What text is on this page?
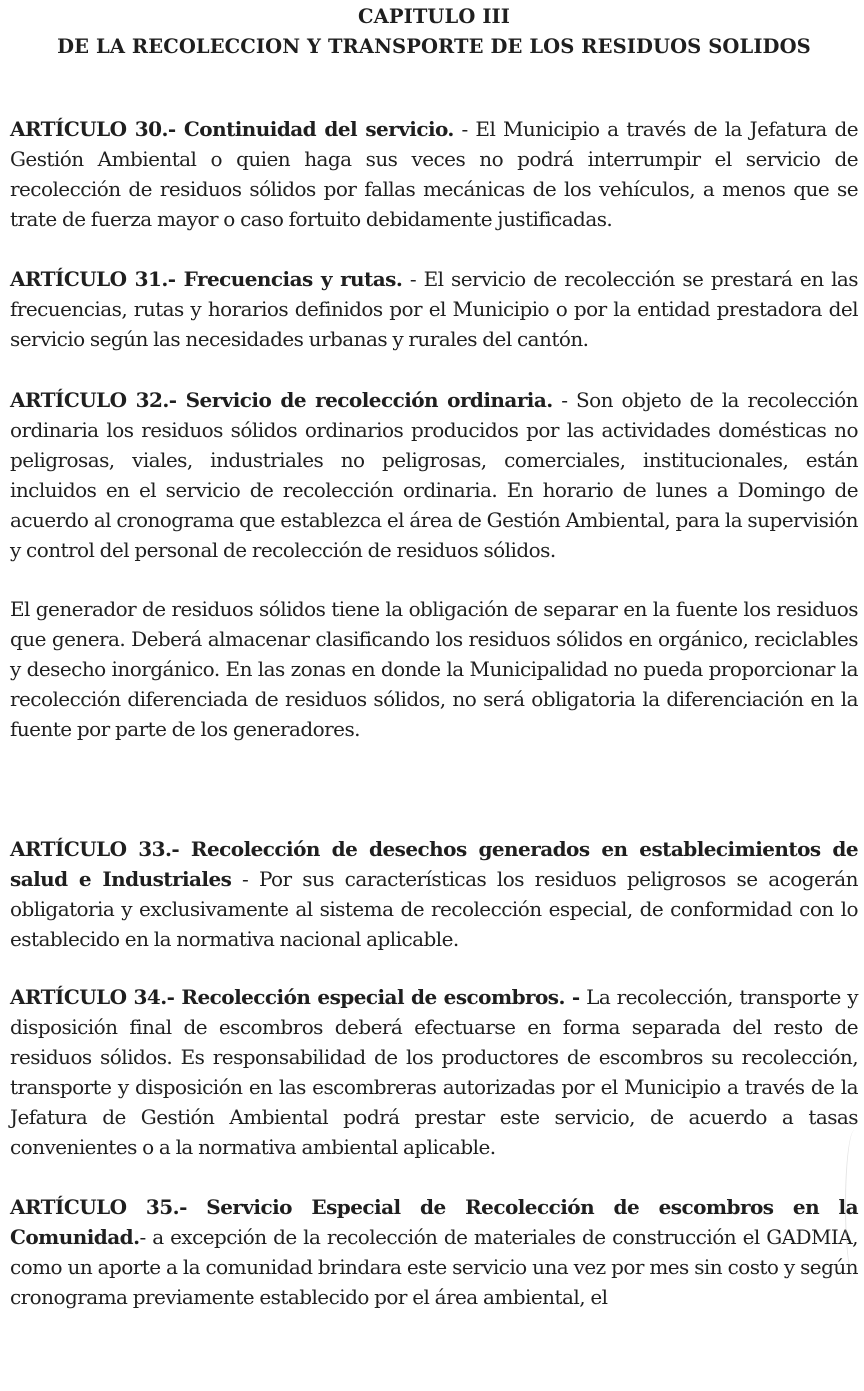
CAPITULO III
DE LA RECOLECCION Y TRANSPORTE DE LOS RESIDUOS SOLIDOS

ARTÍCULO 30.- Continuidad del servicio. - El Municipio a través de la Jefatura de Gestión Ambiental o quien haga sus veces no podrá interrumpir el servicio de recolección de residuos sólidos por fallas mecánicas de los vehículos, a menos que se trate de fuerza mayor o caso fortuito debidamente justificadas.

ARTÍCULO 31.- Frecuencias y rutas. - El servicio de recolección se prestará en las frecuencias, rutas y horarios definidos por el Municipio o por la entidad prestadora del servicio según las necesidades urbanas y rurales del cantón.

ARTÍCULO 32.- Servicio de recolección ordinaria. - Son objeto de la recolección ordinaria los residuos sólidos ordinarios producidos por las actividades domésticas no peligrosas, viales, industriales no peligrosas, comerciales, institucionales, están incluidos en el servicio de recolección ordinaria. En horario de lunes a Domingo de acuerdo al cronograma que establezca el área de Gestión Ambiental, para la supervisión y control del personal de recolección de residuos sólidos.

El generador de residuos sólidos tiene la obligación de separar en la fuente los residuos que genera. Deberá almacenar clasificando los residuos sólidos en orgánico, reciclables y desecho inorgánico. En las zonas en donde la Municipalidad no pueda proporcionar la recolección diferenciada de residuos sólidos, no será obligatoria la diferenciación en la fuente por parte de los generadores.

ARTÍCULO 33.- Recolección de desechos generados en establecimientos de salud e Industriales - Por sus características los residuos peligrosos se acogerán obligatoria y exclusivamente al sistema de recolección especial, de conformidad con lo establecido en la normativa nacional aplicable.

ARTÍCULO 34.- Recolección especial de escombros. - La recolección, transporte y disposición final de escombros deberá efectuarse en forma separada del resto de residuos sólidos. Es responsabilidad de los productores de escombros su recolección, transporte y disposición en las escombreras autorizadas por el Municipio a través de la Jefatura de Gestión Ambiental podrá prestar este servicio, de acuerdo a tasas convenientes o a la normativa ambiental aplicable.

ARTÍCULO 35.- Servicio Especial de Recolección de escombros en la Comunidad.- a excepción de la recolección de materiales de construcción el GADMIA, como un aporte a la comunidad brindara este servicio una vez por mes sin costo y según cronograma previamente establecido por el área ambiental, el
